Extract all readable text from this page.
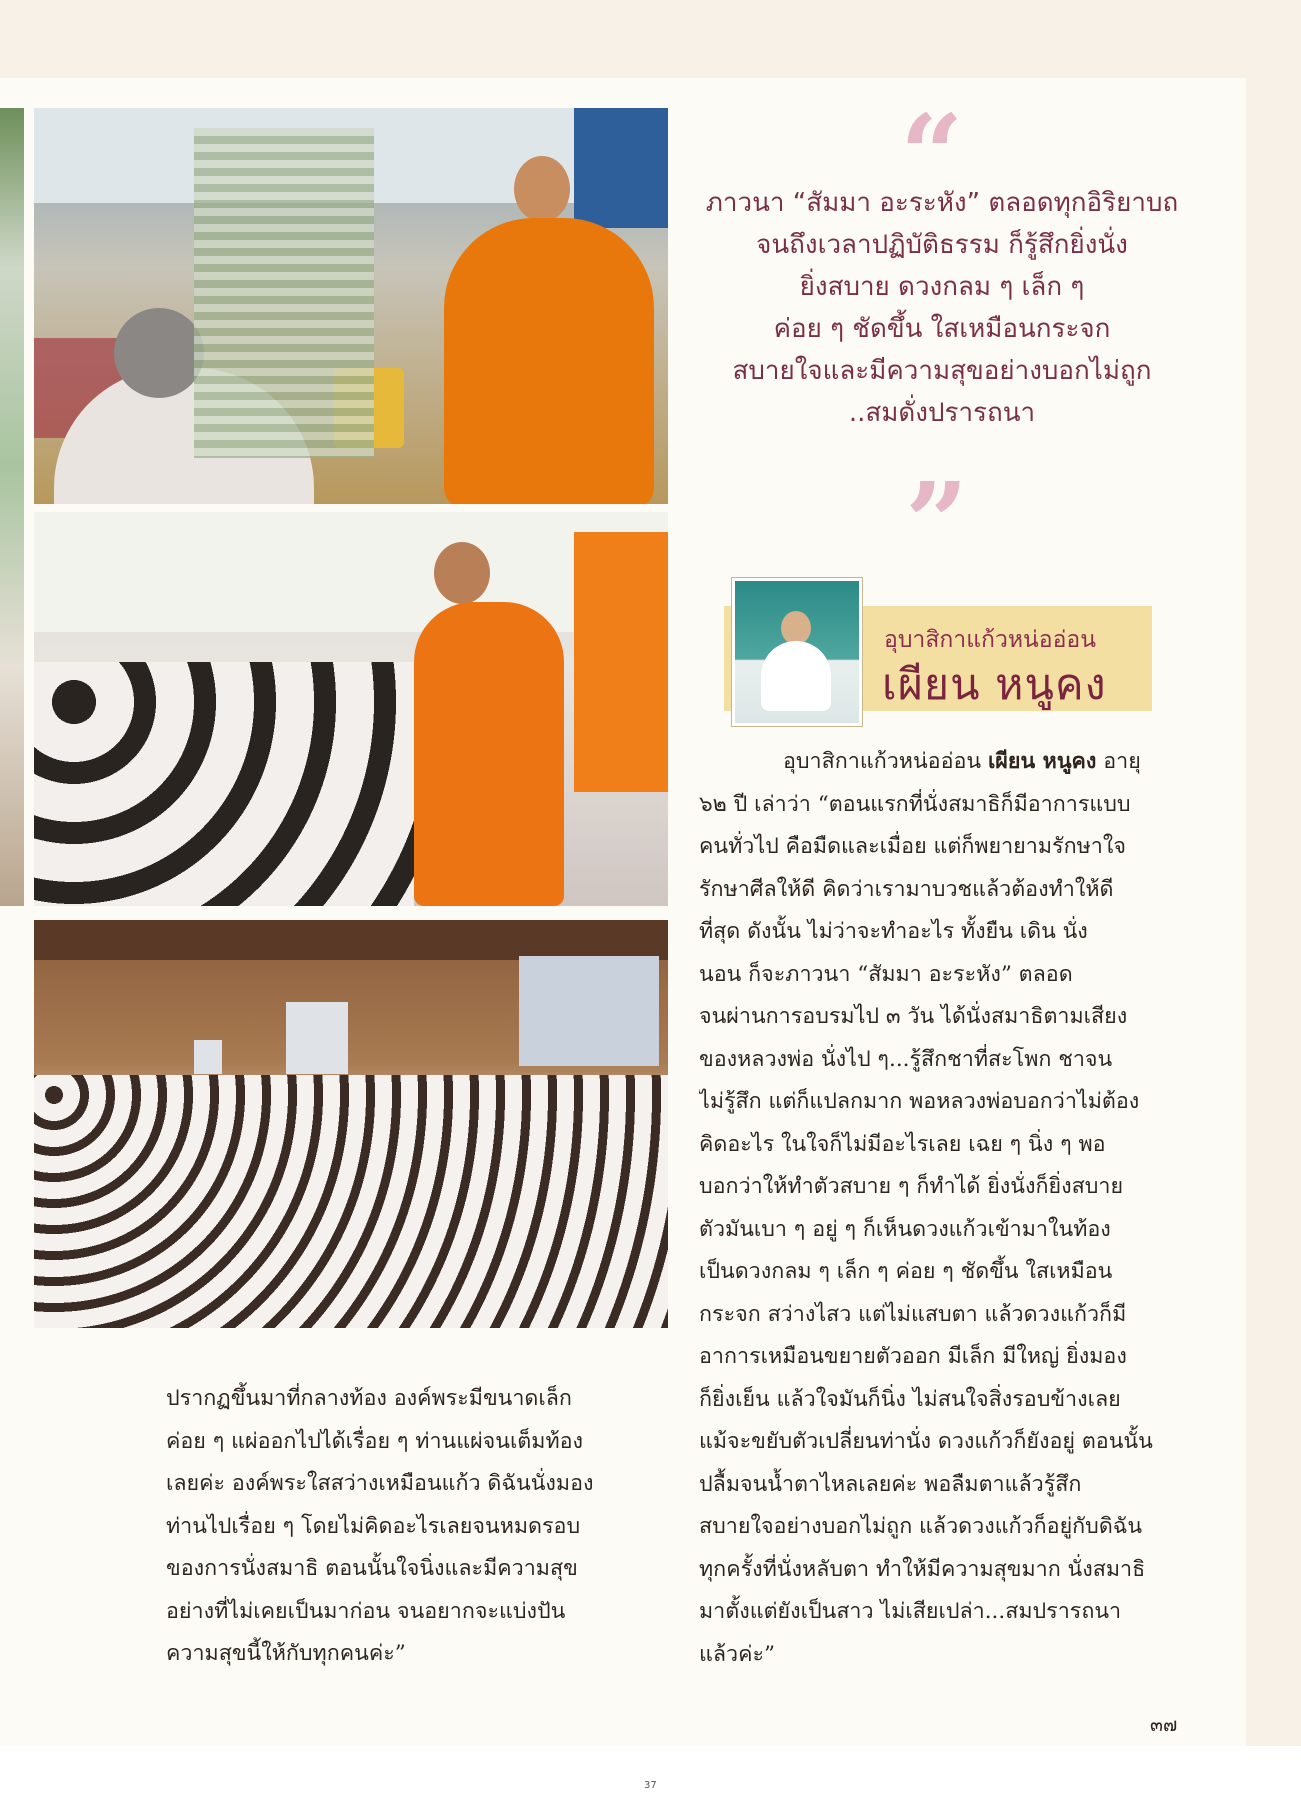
“
ภาวนา “สัมมา อะระหัง” ตลอดทุกอิริยาบถ
จนถึงเวลาปฏิบัติธรรม ก็รู้สึกยิ่งนั่ง
ยิ่งสบาย ดวงกลม ๆ เล็ก ๆ
ค่อย ๆ ชัดขึ้น ใสเหมือนกระจก
สบายใจและมีความสุขอย่างบอกไม่ถูก
..สมดั่งปรารถนา
”
อุบาสิกาแก้วหน่ออ่อน
เผียน หนูคง
อุบาสิกาแก้วหน่ออ่อน เผียน หนูคง อายุ
๖๒ ปี เล่าว่า “ตอนแรกที่นั่งสมาธิก็มีอาการแบบ
คนทั่วไป คือมืดและเมื่อย แต่ก็พยายามรักษาใจ
รักษาศีลให้ดี คิดว่าเรามาบวชแล้วต้องทำให้ดี
ที่สุด ดังนั้น ไม่ว่าจะทำอะไร ทั้งยืน เดิน นั่ง
นอน ก็จะภาวนา “สัมมา อะระหัง” ตลอด
จนผ่านการอบรมไป ๓ วัน ได้นั่งสมาธิตามเสียง
ของหลวงพ่อ นั่งไป ๆ...รู้สึกชาที่สะโพก ชาจน
ไม่รู้สึก แต่ก็แปลกมาก พอหลวงพ่อบอกว่าไม่ต้อง
คิดอะไร ในใจก็ไม่มีอะไรเลย เฉย ๆ นิ่ง ๆ พอ
บอกว่าให้ทำตัวสบาย ๆ ก็ทำได้ ยิ่งนั่งก็ยิ่งสบาย
ตัวมันเบา ๆ อยู่ ๆ ก็เห็นดวงแก้วเข้ามาในท้อง
เป็นดวงกลม ๆ เล็ก ๆ ค่อย ๆ ชัดขึ้น ใสเหมือน
กระจก สว่างไสว แต่ไม่แสบตา แล้วดวงแก้วก็มี
อาการเหมือนขยายตัวออก มีเล็ก มีใหญ่ ยิ่งมอง
ก็ยิ่งเย็น แล้วใจมันก็นิ่ง ไม่สนใจสิ่งรอบข้างเลย
แม้จะขยับตัวเปลี่ยนท่านั่ง ดวงแก้วก็ยังอยู่ ตอนนั้น
ปลื้มจนน้ำตาไหลเลยค่ะ พอลืมตาแล้วรู้สึก
สบายใจอย่างบอกไม่ถูก แล้วดวงแก้วก็อยู่กับดิฉัน
ทุกครั้งที่นั่งหลับตา ทำให้มีความสุขมาก นั่งสมาธิ
มาตั้งแต่ยังเป็นสาว ไม่เสียเปล่า...สมปรารถนา
แล้วค่ะ”
ปรากฏขึ้นมาที่กลางท้อง องค์พระมีขนาดเล็ก
ค่อย ๆ แผ่ออกไปได้เรื่อย ๆ ท่านแผ่จนเต็มท้อง
เลยค่ะ องค์พระใสสว่างเหมือนแก้ว ดิฉันนั่งมอง
ท่านไปเรื่อย ๆ โดยไม่คิดอะไรเลยจนหมดรอบ
ของการนั่งสมาธิ ตอนนั้นใจนิ่งและมีความสุข
อย่างที่ไม่เคยเป็นมาก่อน จนอยากจะแบ่งปัน
ความสุขนี้ให้กับทุกคนค่ะ”
๓๗
37
